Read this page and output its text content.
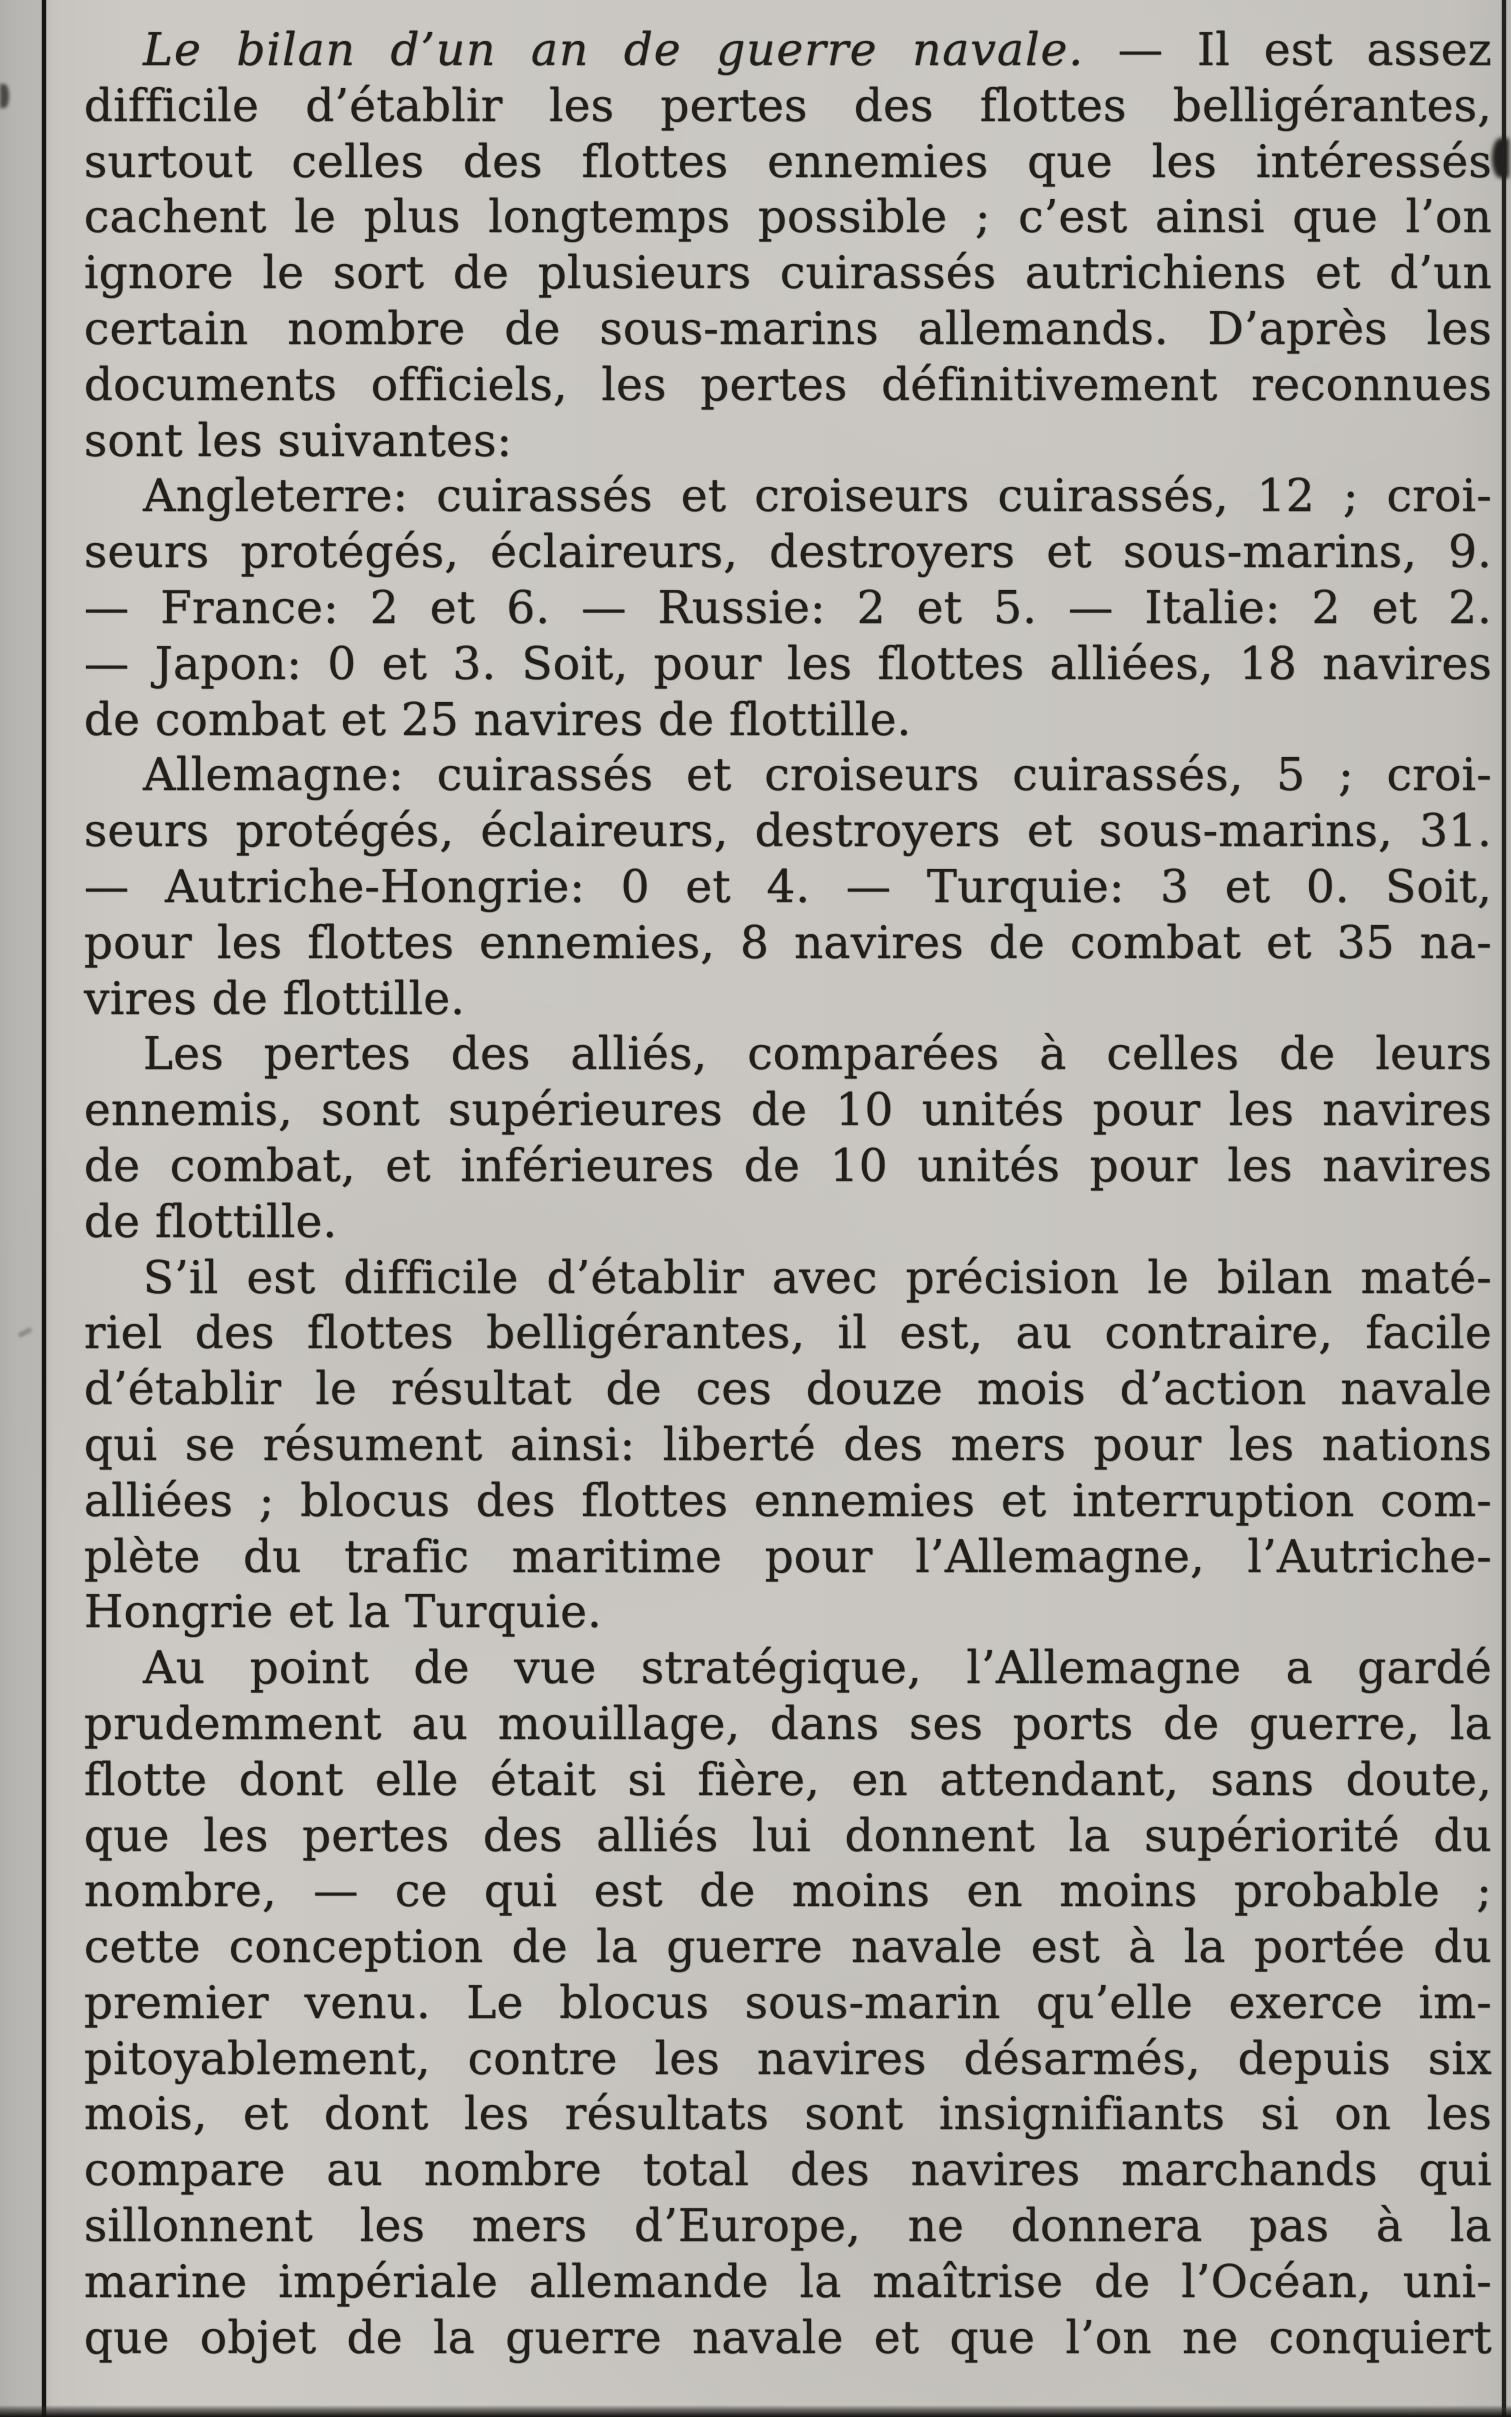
Le bilan d’un an de guerre navale. — Il est assez
difficile d’établir les pertes des flottes belligérantes,
surtout celles des flottes ennemies que les intéressés
cachent le plus longtemps possible ; c’est ainsi que l’on
ignore le sort de plusieurs cuirassés autrichiens et d’un
certain nombre de sous-marins allemands. D’après les
documents officiels, les pertes définitivement reconnues
sont les suivantes:
Angleterre: cuirassés et croiseurs cuirassés, 12 ; croi-
seurs protégés, éclaireurs, destroyers et sous-marins, 9.
— France: 2 et 6. — Russie: 2 et 5. — Italie: 2 et 2.
— Japon: 0 et 3. Soit, pour les flottes alliées, 18 navires
de combat et 25 navires de flottille.
Allemagne: cuirassés et croiseurs cuirassés, 5 ; croi-
seurs protégés, éclaireurs, destroyers et sous-marins, 31.
— Autriche-Hongrie: 0 et 4. — Turquie: 3 et 0. Soit,
pour les flottes ennemies, 8 navires de combat et 35 na-
vires de flottille.
Les pertes des alliés, comparées à celles de leurs
ennemis, sont supérieures de 10 unités pour les navires
de combat, et inférieures de 10 unités pour les navires
de flottille.
S’il est difficile d’établir avec précision le bilan maté-
riel des flottes belligérantes, il est, au contraire, facile
d’établir le résultat de ces douze mois d’action navale
qui se résument ainsi: liberté des mers pour les nations
alliées ; blocus des flottes ennemies et interruption com-
plète du trafic maritime pour l’Allemagne, l’Autriche-
Hongrie et la Turquie.
Au point de vue stratégique, l’Allemagne a gardé
prudemment au mouillage, dans ses ports de guerre, la
flotte dont elle était si fière, en attendant, sans doute,
que les pertes des alliés lui donnent la supériorité du
nombre, — ce qui est de moins en moins probable ;
cette conception de la guerre navale est à la portée du
premier venu. Le blocus sous-marin qu’elle exerce im-
pitoyablement, contre les navires désarmés, depuis six
mois, et dont les résultats sont insignifiants si on les
compare au nombre total des navires marchands qui
sillonnent les mers d’Europe, ne donnera pas à la
marine impériale allemande la maîtrise de l’Océan, uni-
que objet de la guerre navale et que l’on ne conquiert
